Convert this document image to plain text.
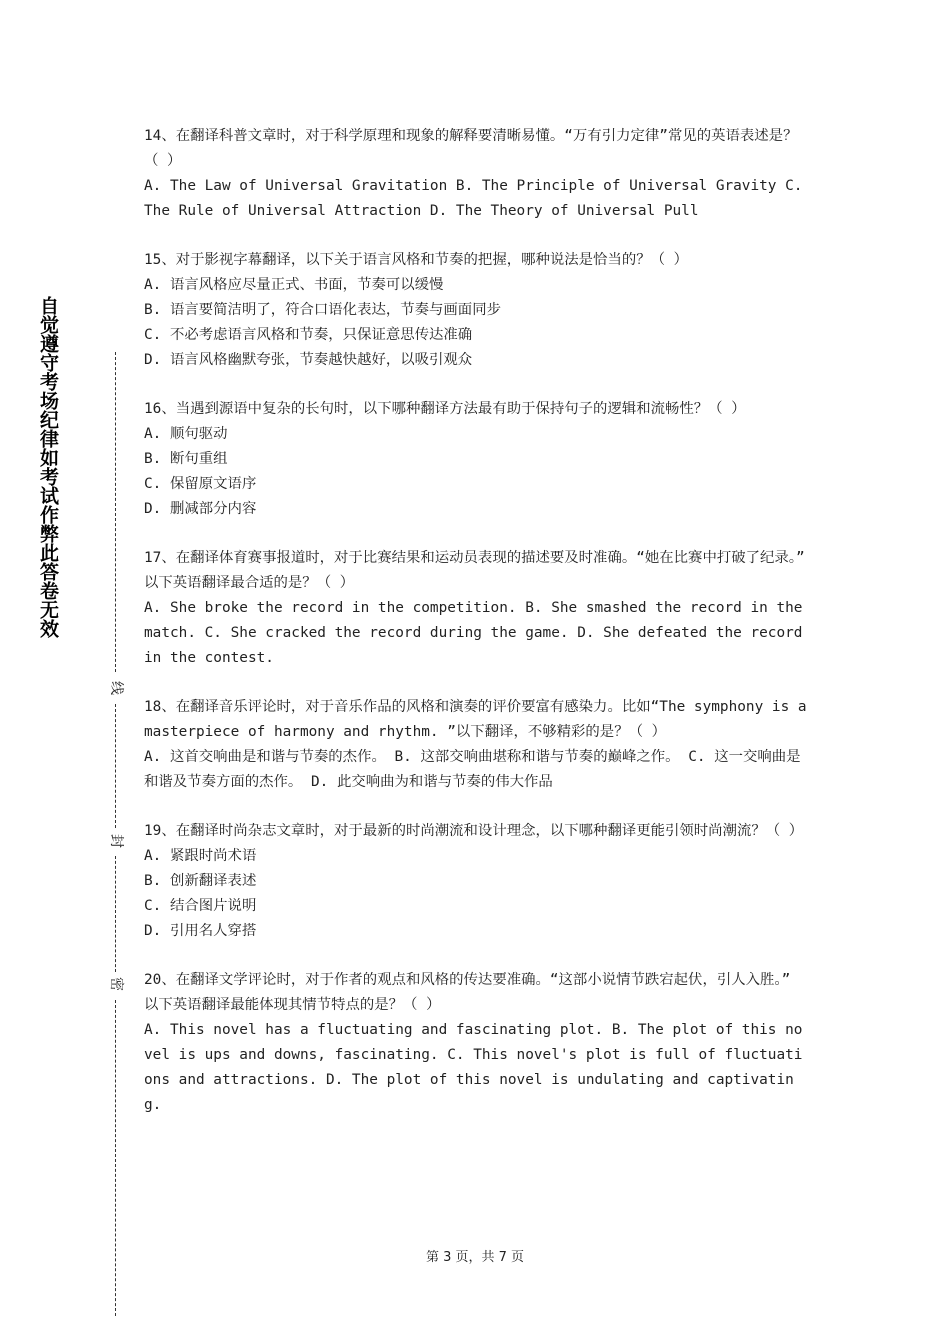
自觉遵守考场纪律如考试作弊此答卷无效
线
封
密

14、在翻译科普文章时，对于科学原理和现象的解释要清晰易懂。“万有引力定律”常见的英语表述是？（ ）

A. The Law of Universal Gravitation B. The Principle of Universal Gravity C. The Rule of Universal Attraction D. The Theory of Universal Pull

15、对于影视字幕翻译，以下关于语言风格和节奏的把握，哪种说法是恰当的？（ ）

A. 语言风格应尽量正式、书面，节奏可以缓慢

B. 语言要简洁明了，符合口语化表达，节奏与画面同步

C. 不必考虑语言风格和节奏，只保证意思传达准确

D. 语言风格幽默夸张，节奏越快越好，以吸引观众

16、当遇到源语中复杂的长句时，以下哪种翻译方法最有助于保持句子的逻辑和流畅性？（ ）

A. 顺句驱动

B. 断句重组

C. 保留原文语序

D. 删减部分内容

17、在翻译体育赛事报道时，对于比赛结果和运动员表现的描述要及时准确。“她在比赛中打破了纪录。” 以下英语翻译最合适的是？（ ）

A. She broke the record in the competition. B. She smashed the record in the match. C. She cracked the record during the game. D. She defeated the record in the contest.

18、在翻译音乐评论时，对于音乐作品的风格和演奏的评价要富有感染力。比如“The symphony is a masterpiece of harmony and rhythm. ”以下翻译，不够精彩的是？（ ）

A. 这首交响曲是和谐与节奏的杰作。 B. 这部交响曲堪称和谐与节奏的巅峰之作。 C. 这一交响曲是和谐及节奏方面的杰作。 D. 此交响曲为和谐与节奏的伟大作品

19、在翻译时尚杂志文章时，对于最新的时尚潮流和设计理念，以下哪种翻译更能引领时尚潮流？（ ）

A. 紧跟时尚术语

B. 创新翻译表述

C. 结合图片说明

D. 引用名人穿搭

20、在翻译文学评论时，对于作者的观点和风格的传达要准确。“这部小说情节跌宕起伏，引人入胜。” 以下英语翻译最能体现其情节特点的是？（ ）

A. This novel has a fluctuating and fascinating plot. B. The plot of this novel is ups and downs, fascinating. C. This novel's plot is full of fluctuations and attractions. D. The plot of this novel is undulating and captivating.

第 3 页，共 7 页
